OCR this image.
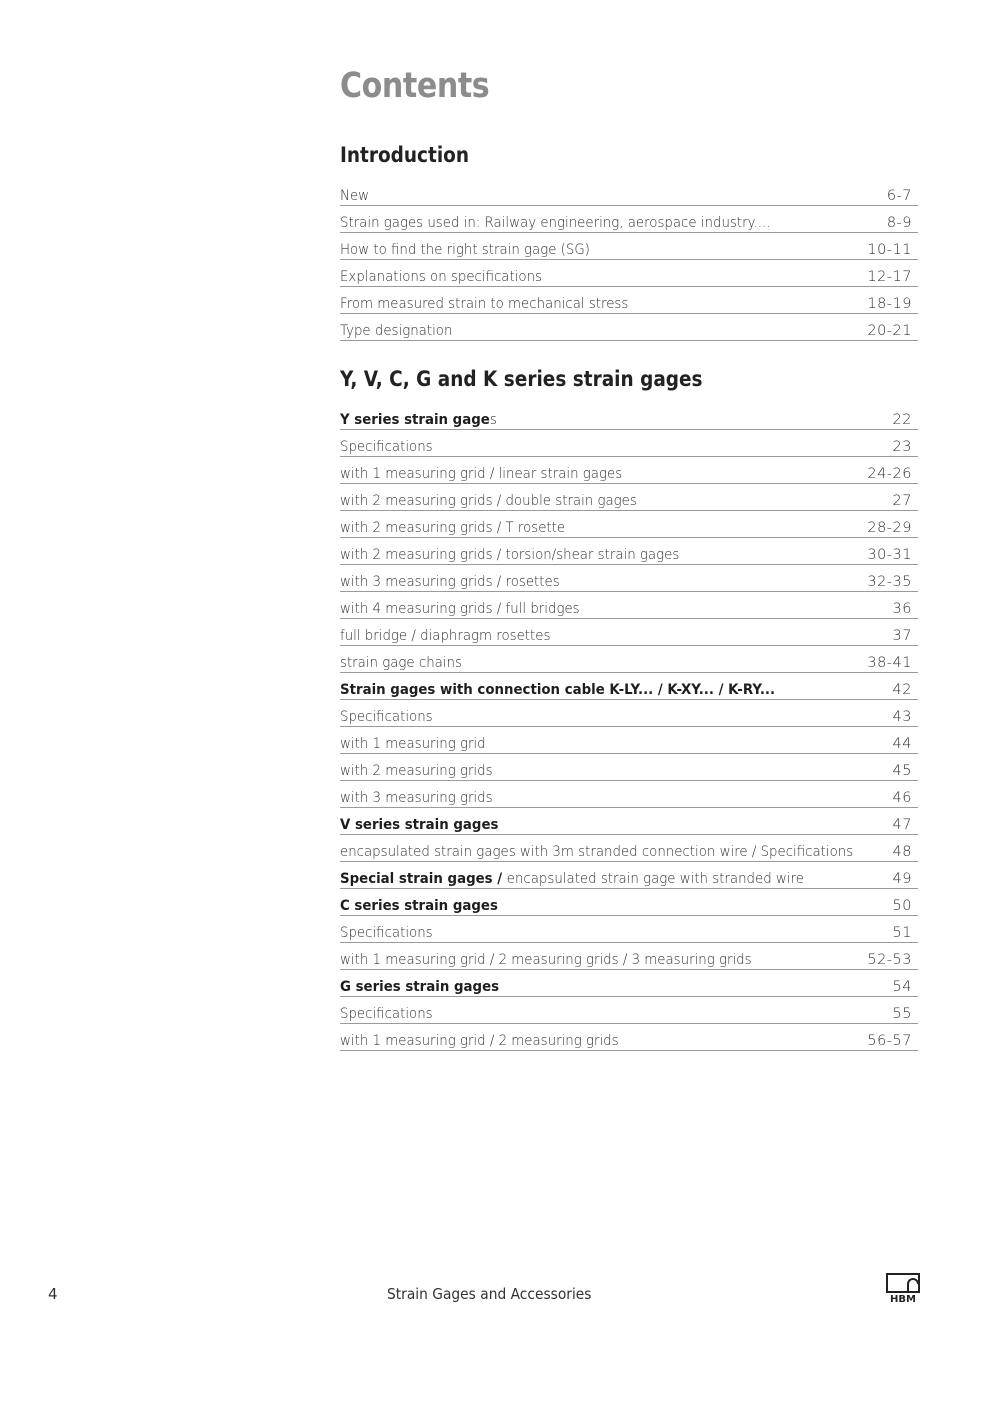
Contents
Introduction
New	6-7
Strain gages used in: Railway engineering, aerospace industry....	8-9
How to find the right strain gage (SG)	10-11
Explanations on specifications	12-17
From measured strain to mechanical stress	18-19
Type designation	20-21
Y, V, C, G and K series strain gages
Y series strain gages	22
Specifications	23
with 1 measuring grid / linear strain gages	24-26
with 2 measuring grids / double strain gages	27
with 2 measuring grids / T rosette	28-29
with 2 measuring grids / torsion/shear strain gages	30-31
with 3 measuring grids / rosettes	32-35
with 4 measuring grids / full bridges	36
full bridge / diaphragm rosettes	37
strain gage chains	38-41
Strain gages with connection cable K-LY... / K-XY... / K-RY...	42
Specifications	43
with 1 measuring grid	44
with 2 measuring grids	45
with 3 measuring grids	46
V series strain gages	47
encapsulated strain gages with 3m stranded connection wire / Specifications	48
Special strain gages / encapsulated strain gage with stranded wire	49
C series strain gages	50
Specifications	51
with 1 measuring grid / 2 measuring grids / 3 measuring grids	52-53
G series strain gages	54
Specifications	55
with 1 measuring grid / 2 measuring grids	56-57
4	Strain Gages and Accessories	HBM
